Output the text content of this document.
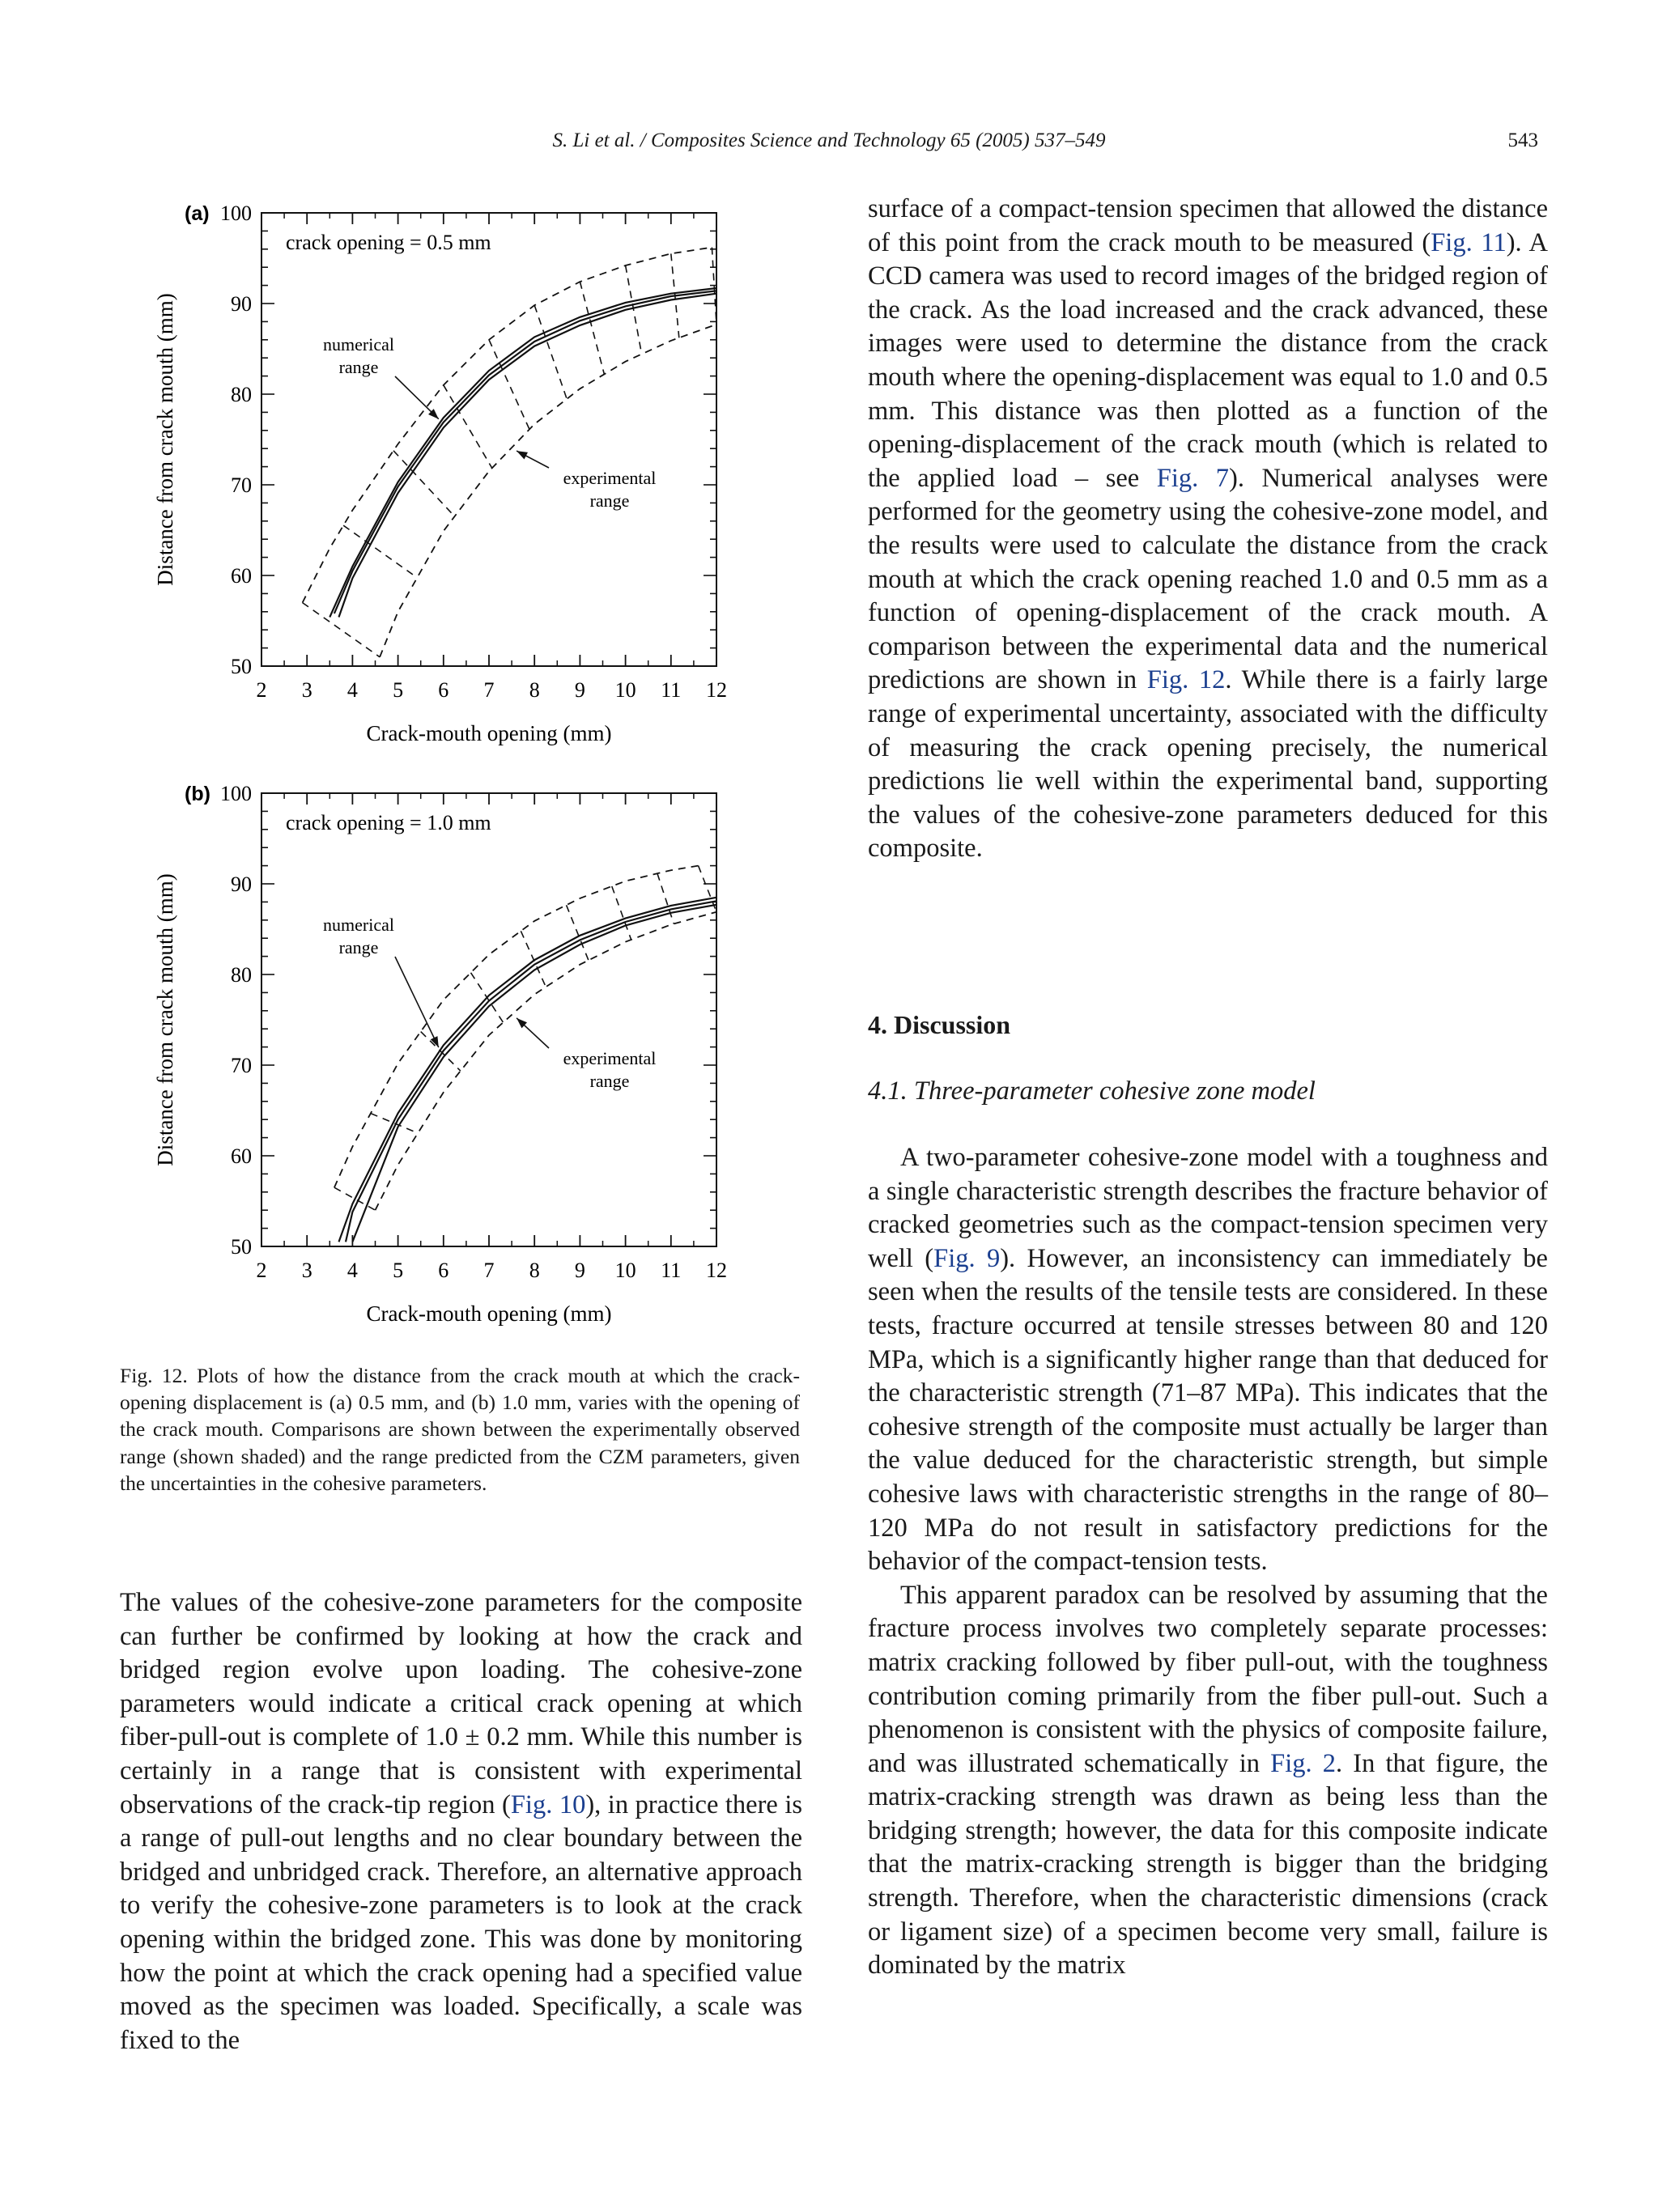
S. Li et al. / Composites Science and Technology 65 (2005) 537–549	543
2 3 4 5 6 7 8 9 10 11 12
50
60
70
80
90
100
(a)
Crack-mouth opening (mm)
Distance from crack mouth (mm)
crack opening = 0.5 mm
numerical
range
experimental
range
2 3 4 5 6 7 8 9 10 11 12
50
60
70
80
90
100
(b)
Crack-mouth opening (mm)
Distance from crack mouth (mm)
crack opening = 1.0 mm
numerical
range
experimental
range

Fig. 12. Plots of how the distance from the crack mouth at which the crack-opening displacement is (a) 0.5 mm, and (b) 1.0 mm, varies with the opening of the crack mouth. Comparisons are shown between the experimentally observed range (shown shaded) and the range predicted from the CZM parameters, given the uncertainties in the cohesive parameters.

The values of the cohesive-zone parameters for the composite can further be confirmed by looking at how the crack and bridged region evolve upon loading. The cohesive-zone parameters would indicate a critical crack opening at which fiber-pull-out is complete of 1.0 ± 0.2 mm. While this number is certainly in a range that is consistent with experimental observations of the crack-tip region (Fig. 10), in practice there is a range of pull-out lengths and no clear boundary between the bridged and unbridged crack. Therefore, an alternative approach to verify the cohesive-zone parameters is to look at the crack opening within the bridged zone. This was done by monitoring how the point at which the crack opening had a specified value moved as the specimen was loaded. Specifically, a scale was fixed to the

surface of a compact-tension specimen that allowed the distance of this point from the crack mouth to be measured (Fig. 11). A CCD camera was used to record images of the bridged region of the crack. As the load increased and the crack advanced, these images were used to determine the distance from the crack mouth where the opening-displacement was equal to 1.0 and 0.5 mm. This distance was then plotted as a function of the opening-displacement of the crack mouth (which is related to the applied load – see Fig. 7). Numerical analyses were performed for the geometry using the cohesive-zone model, and the results were used to calculate the distance from the crack mouth at which the crack opening reached 1.0 and 0.5 mm as a function of opening-displacement of the crack mouth. A comparison between the experimental data and the numerical predictions are shown in Fig. 12. While there is a fairly large range of experimental uncertainty, associated with the difficulty of measuring the crack opening precisely, the numerical predictions lie well within the experimental band, supporting the values of the cohesive-zone parameters deduced for this composite.

4. Discussion

4.1. Three-parameter cohesive zone model

A two-parameter cohesive-zone model with a toughness and a single characteristic strength describes the fracture behavior of cracked geometries such as the compact-tension specimen very well (Fig. 9). However, an inconsistency can immediately be seen when the results of the tensile tests are considered. In these tests, fracture occurred at tensile stresses between 80 and 120 MPa, which is a significantly higher range than that deduced for the characteristic strength (71–87 MPa). This indicates that the cohesive strength of the composite must actually be larger than the value deduced for the characteristic strength, but simple cohesive laws with characteristic strengths in the range of 80–120 MPa do not result in satisfactory predictions for the behavior of the compact-tension tests.

This apparent paradox can be resolved by assuming that the fracture process involves two completely separate processes: matrix cracking followed by fiber pull-out, with the toughness contribution coming primarily from the fiber pull-out. Such a phenomenon is consistent with the physics of composite failure, and was illustrated schematically in Fig. 2. In that figure, the matrix-cracking strength was drawn as being less than the bridging strength; however, the data for this composite indicate that the matrix-cracking strength is bigger than the bridging strength. Therefore, when the characteristic dimensions (crack or ligament size) of a specimen become very small, failure is dominated by the matrix
